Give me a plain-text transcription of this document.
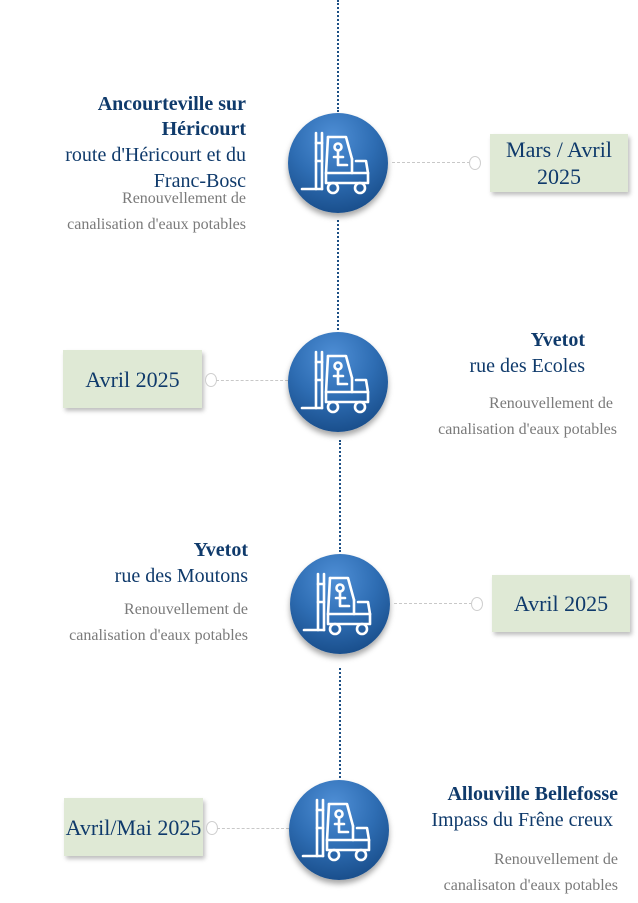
Ancourteville sur Héricourt
route d'Héricourt et du Franc-Bosc
Renouvellement de
canalisation d'eaux potables
Mars / Avril 2025
Avril 2025
Yvetot
rue des Ecoles
Renouvellement de
canalisation d'eaux potables
Yvetot
rue des Moutons
Renouvellement de
canalisation d'eaux potables
Avril 2025
Avril/Mai 2025
Allouville Bellefosse
Impass du Frêne creux
Renouvellement de
canalisaton d'eaux potables
